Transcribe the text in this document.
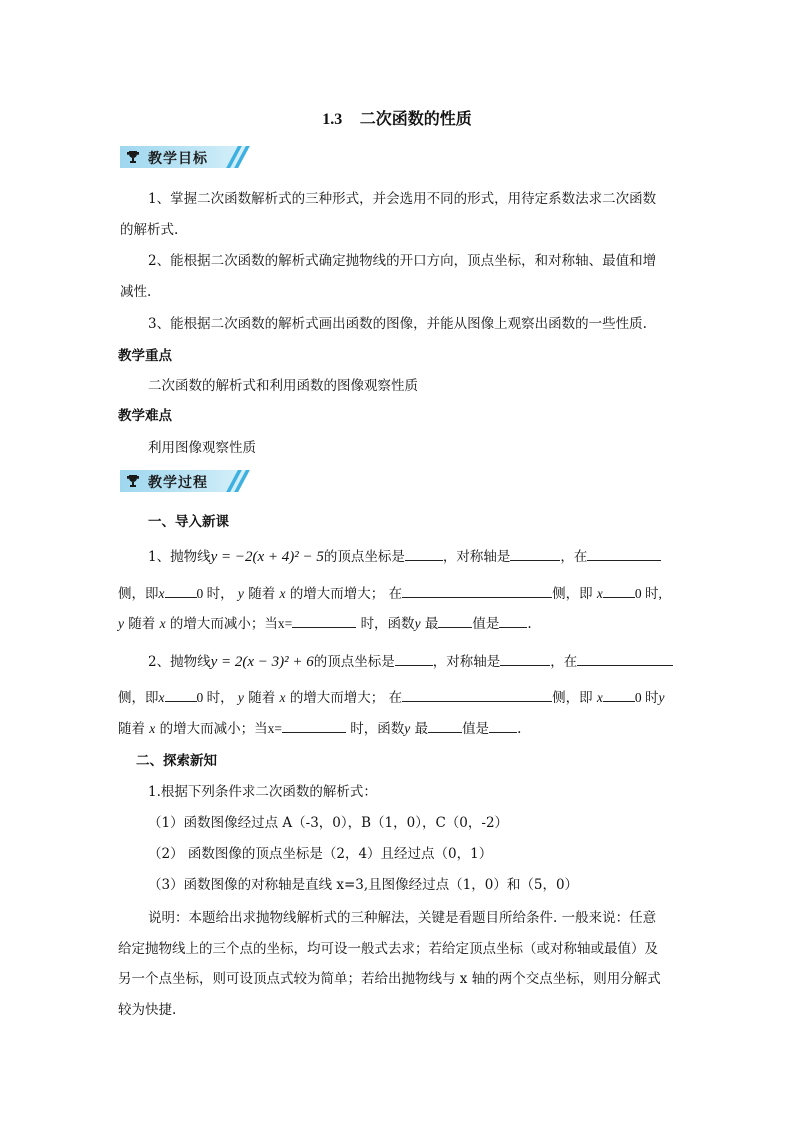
1.3 二次函数的性质
教学目标
1、掌握二次函数解析式的三种形式，并会选用不同的形式，用待定系数法求二次函数
的解析式.
2、能根据二次函数的解析式确定抛物线的开口方向，顶点坐标，和对称轴、最值和增
减性.
3、能根据二次函数的解析式画出函数的图像，并能从图像上观察出函数的一些性质.
教学重点
二次函数的解析式和利用函数的图像观察性质
教学难点
利用图像观察性质
教学过程
一、导入新课
1、抛物线y = −2(x + 4)² − 5的顶点坐标是	，对称轴是	，在
侧，即x 0 时， y 随着 x 的增大而增大； 在	侧，即 x 0 时,
y 随着 x 的增大而减小；当x=	时，函数y 最	值是 .
2、抛物线y = 2(x − 3)² + 6的顶点坐标是	，对称轴是	，在
侧，即x 0 时， y 随着 x 的增大而增大； 在	侧，即 x 0 时y
随着 x 的增大而减小；当x=	时，函数y 最	值是 .
二、探索新知
1.根据下列条件求二次函数的解析式：
（1）函数图像经过点 A（-3，0），B（1，0），C（0，-2）
（2） 函数图像的顶点坐标是（2，4）且经过点（0，1）
（3）函数图像的对称轴是直线 x=3,且图像经过点（1，0）和（5，0）
说明：本题给出求抛物线解析式的三种解法，关键是看题目所给条件. 一般来说：任意
给定抛物线上的三个点的坐标，均可设一般式去求；若给定顶点坐标（或对称轴或最值）及
另一个点坐标，则可设顶点式较为简单；若给出抛物线与 x 轴的两个交点坐标，则用分解式
较为快捷.
